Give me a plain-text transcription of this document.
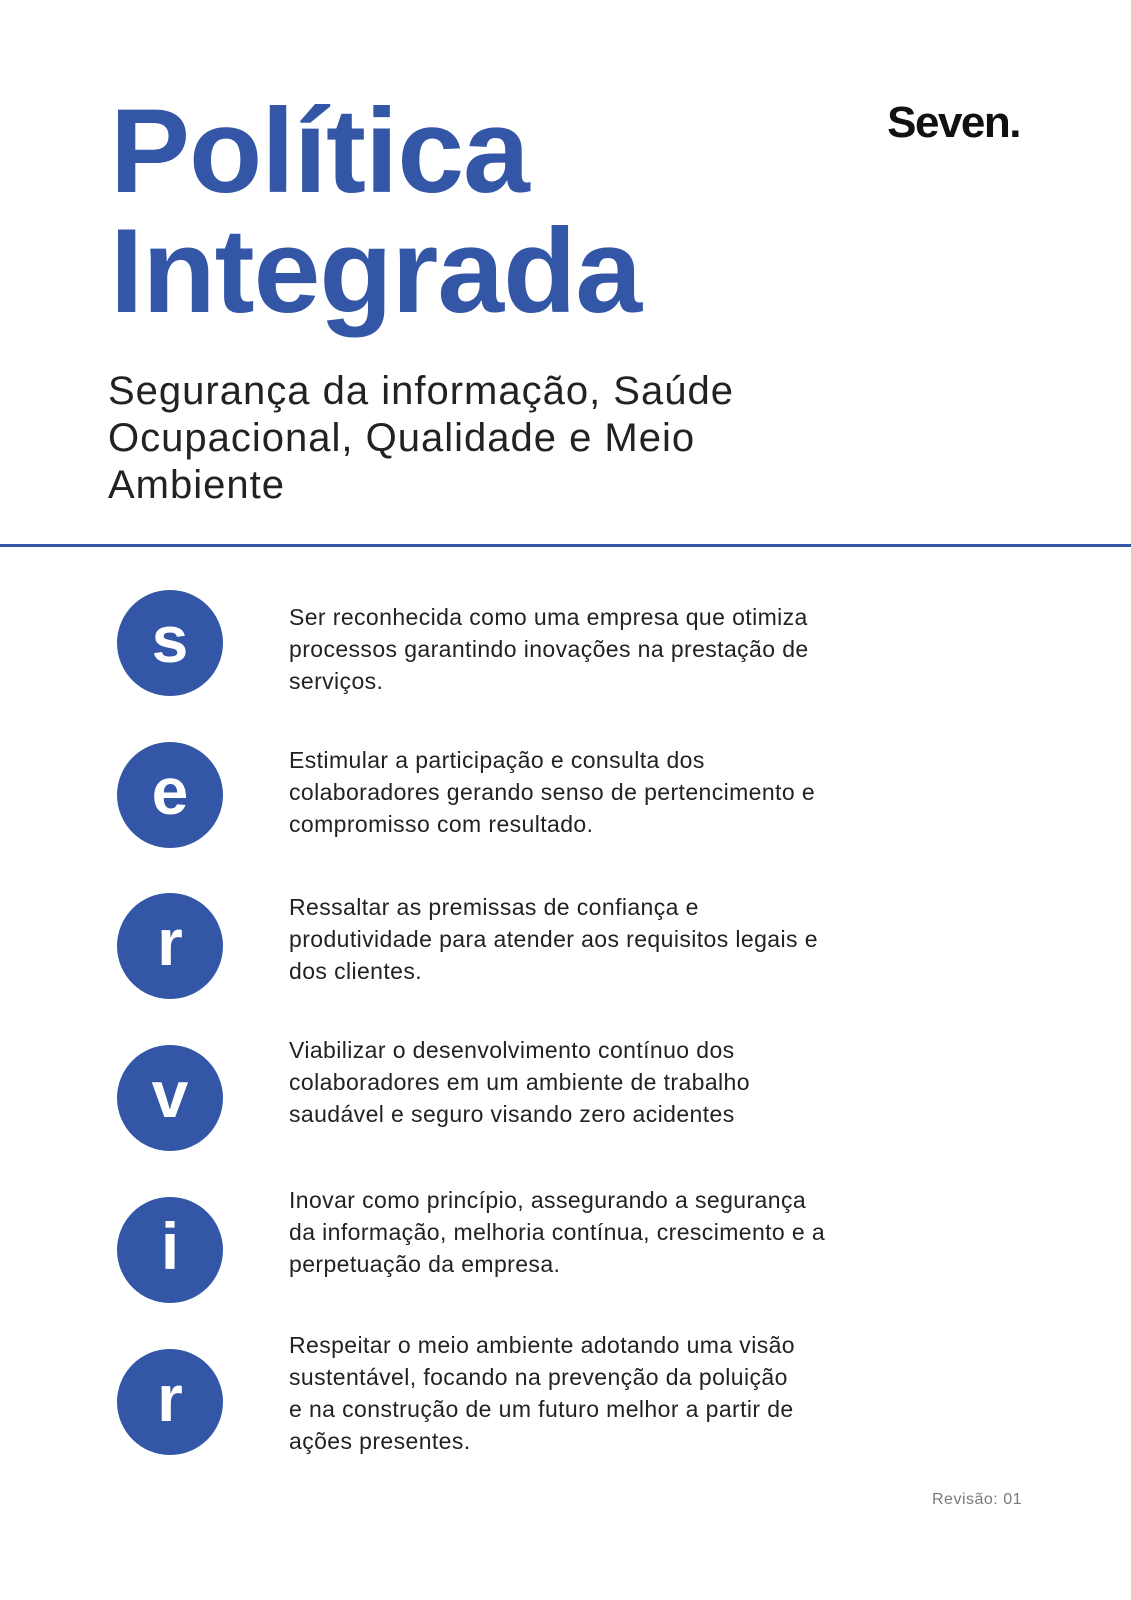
Seven.
Política
Integrada
Segurança da informação, Saúde
Ocupacional, Qualidade e Meio
Ambiente
s	Ser reconhecida como uma empresa que otimiza
processos garantindo inovações na prestação de
serviços.
e	Estimular a participação e consulta dos
colaboradores gerando senso de pertencimento e
compromisso com resultado.
r	Ressaltar as premissas de confiança e
produtividade para atender aos requisitos legais e
dos clientes.
v
Viabilizar o desenvolvimento contínuo dos
colaboradores em um ambiente de trabalho
saudável e seguro visando zero acidentes
i
Inovar como princípio, assegurando a segurança
da informação, melhoria contínua, crescimento e a
perpetuação da empresa.
r
Respeitar o meio ambiente adotando uma visão
sustentável, focando na prevenção da poluição
e na construção de um futuro melhor a partir de
ações presentes.
Revisão: 01
